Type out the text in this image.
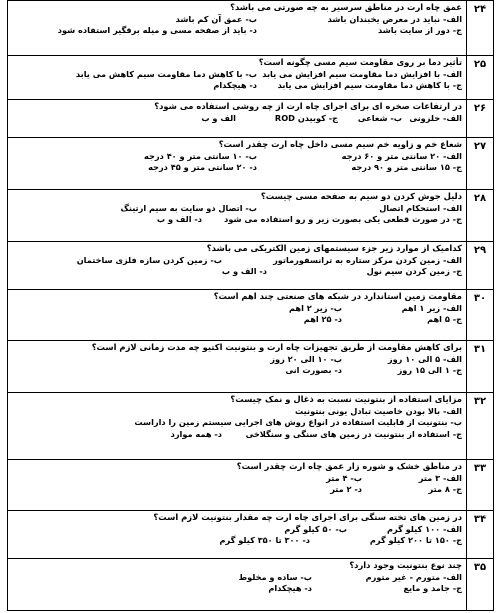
۲۴	عمق چاه ارت در مناطق سرسیر به چه صورتی می باشد؟
الف- نباید در معرض یخبندان باشد
ب- عمق آن کم باشد
ج- دور از سایت باشد
د- باید از صفحه مسی و میله برقگیر استفاده شود

۲۵	تأثیر دما بر روی مقاومت سیم مسی چگونه است؟
الف- با افزایش دما مقاومت سیم افزایش می یابد
ب- با کاهش دما مقاومت سیم کاهش می یابد
ج- با کاهش دما مقاومت سیم افزایش می یابد
د- هیچکدام

۲۶	در ارتفاعات صخره ای برای اجرای چاه ارت از چه روشی استفاده می شود؟
الف- حلزونی
ب- شعاعی
ج- کوبیدن ROD
الف و ب

۲۷	شعاع خم و زاویه خم سیم مسی داخل چاه ارت چقدر است؟
الف- ۲۰ سانتی متر و ۶۰ درجه
ب- ۱۰ سانتی متر و ۴۰ درجه
ج- ۱۵ سانتی متر و ۹۰ درجه
د- ۲۰ سانتی متر و ۴۵ درجه

۲۸	دلیل جوش کردن دو سیم به صفحه مسی چیست؟
الف- استحکام اتصال
ب- اتصال دو سایت به سیم ارتینگ
ج- در صورت قطعی یکی بصورت زیر و رو استفاده می شود
د- الف و ب

۲۹	کدامیک از موارد زیر جزء سیستمهای زمین الکتریکی می باشد؟
الف- زمین کردن مرکز ستاره به ترانسفورماتور
ب- زمین کردن سازه فلزی ساختمان
ج- زمین کردن سیم نول
د- الف و ب

۳۰	مقاومت زمین استاندارد در شبکه های صنعتی چند اهم است؟
الف- زیر ۱ اهم
ب- زیر ۲ اهم
ج- ۵ اهم
د- ۲۵ اهم

۳۱	برای کاهش مقاومت از طریق تجهیزات چاه ارت و بنتونیت اکتیو چه مدت زمانی لازم است؟
الف- ۵ الی ۱۰ روز
ب- ۱۰ الی ۲۰ روز
ج- ۱ الی ۱۵ روز
د- بصورت انی

۳۲	مزایای استفاده از بنتونیت نسبت به ذغال و نمک چیست؟
الف- بالا بودن خاصیت تبادل یونی بنتونیت
ب- بنتونیت از قابلیت استفاده در انواع روش های اجرایی سیستم زمین را داراست
ج- استفاده از بنتونیت در زمین های سنگی و سنگلاخی
د- همه موارد

۳۳	در مناطق خشک و شوره زار عمق چاه ارت چقدر است؟
الف- ۳ متر
ب- ۴ متر
ج- ۸ متر
د- ۲ متر

۳۴	در زمین های تخته سنگی برای اجرای چاه ارت چه مقدار بنتونیت لازم است؟
الف- ۱۰۰ کیلو گرم
ب- ۵۰ کیلو گرم
ج- ۱۵۰ تا ۲۰۰ کیلو گرم
د- ۳۰۰ تا ۳۵۰ کیلو گرم

۳۵	چند نوع بنتونیت وجود دارد؟
الف- متورم - غیر متورم
ب- ساده و مخلوط
ج- جامد و مایع
د- هیچکدام
